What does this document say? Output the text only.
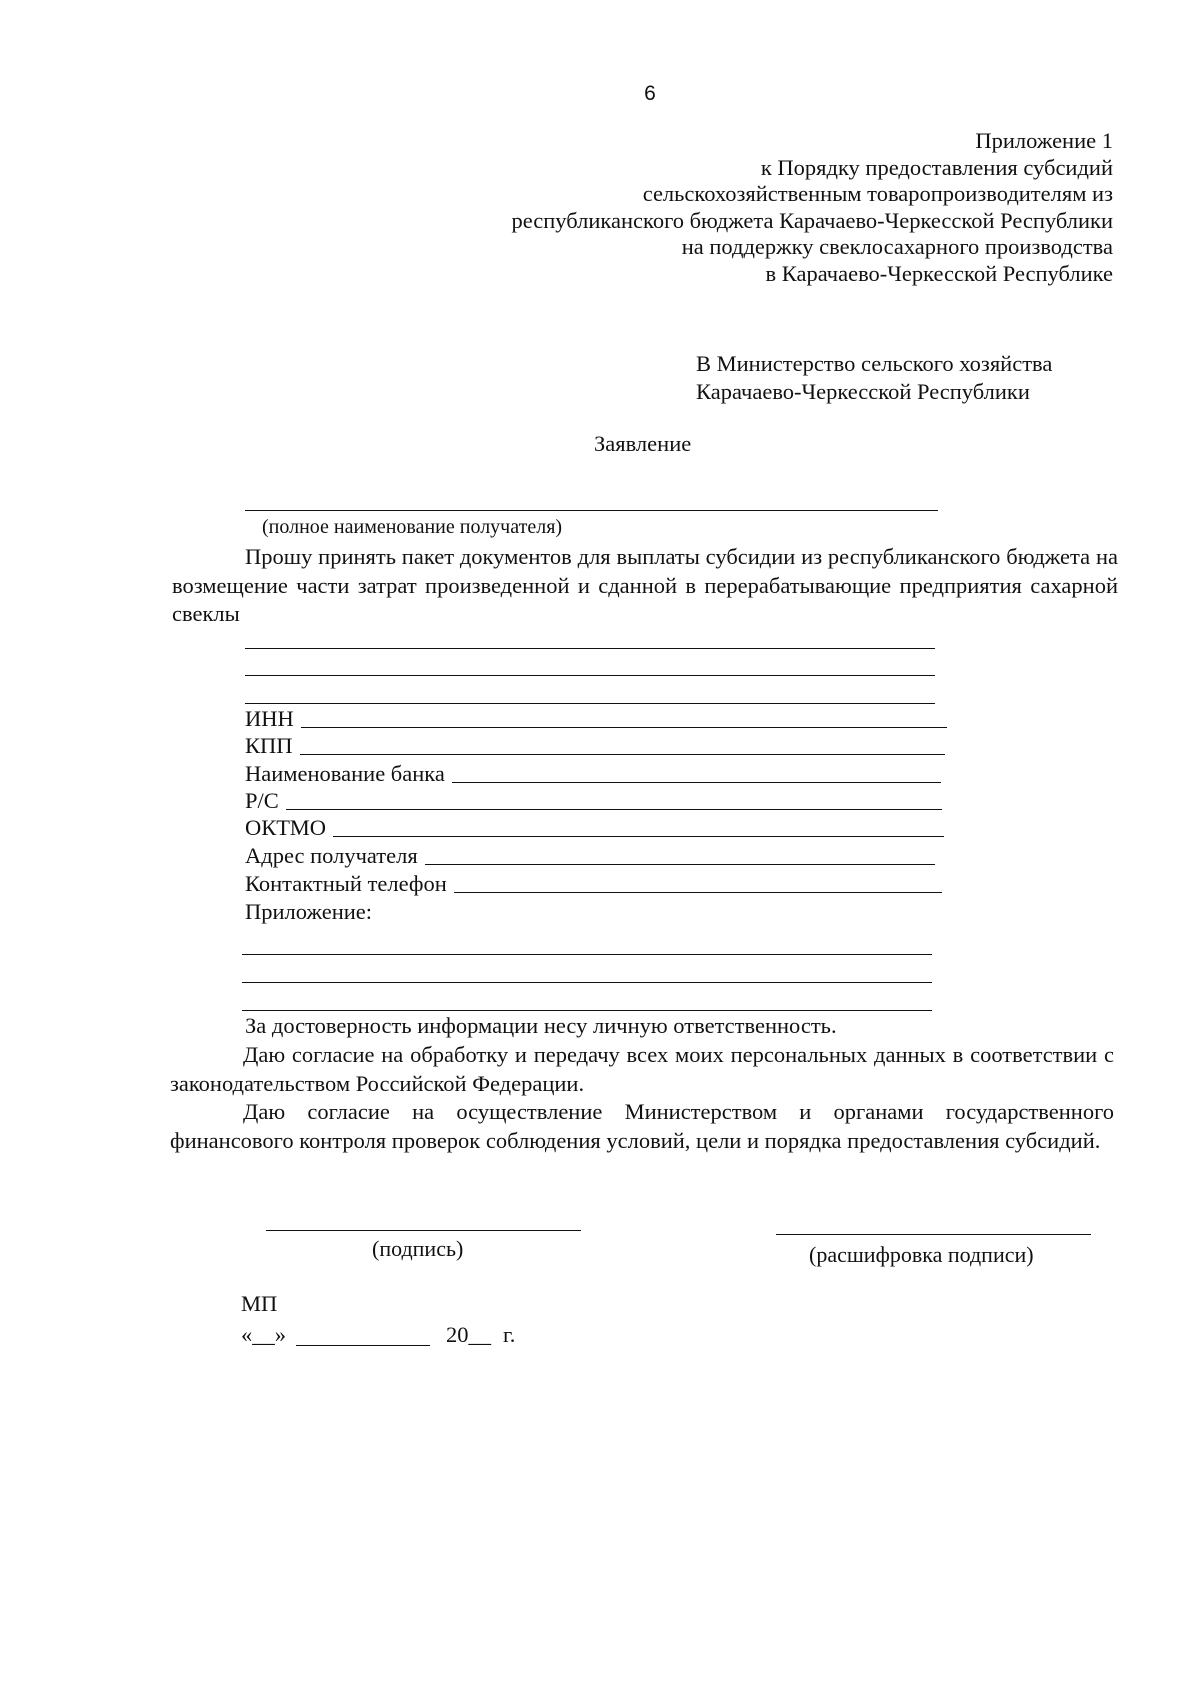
6
Приложение 1
к Порядку предоставления субсидий
сельскохозяйственным товаропроизводителям из
республиканского бюджета Карачаево-Черкесской Республики
на поддержку свеклосахарного производства
в Карачаево-Черкесской Республике
В Министерство сельского хозяйства
Карачаево-Черкесской Республики
Заявление
(полное наименование получателя)
Прошу принять пакет документов для выплаты субсидии из республиканского бюджета на возмещение части затрат произведенной и сданной в перерабатывающие предприятия сахарной свеклы
ИНН
КПП
Наименование банка
Р/С
ОКТМО
Адрес получателя
Контактный телефон
Приложение:
За достоверность информации несу личную ответственность.
Даю согласие на обработку и передачу всех моих персональных данных в соответствии с законодательством Российской Федерации.
Даю согласие на осуществление Министерством и органами государственного финансового контроля проверок соблюдения условий, цели и порядка предоставления субсидий.
(подпись)	(расшифровка подписи)
МП
«__»	20__ г.
